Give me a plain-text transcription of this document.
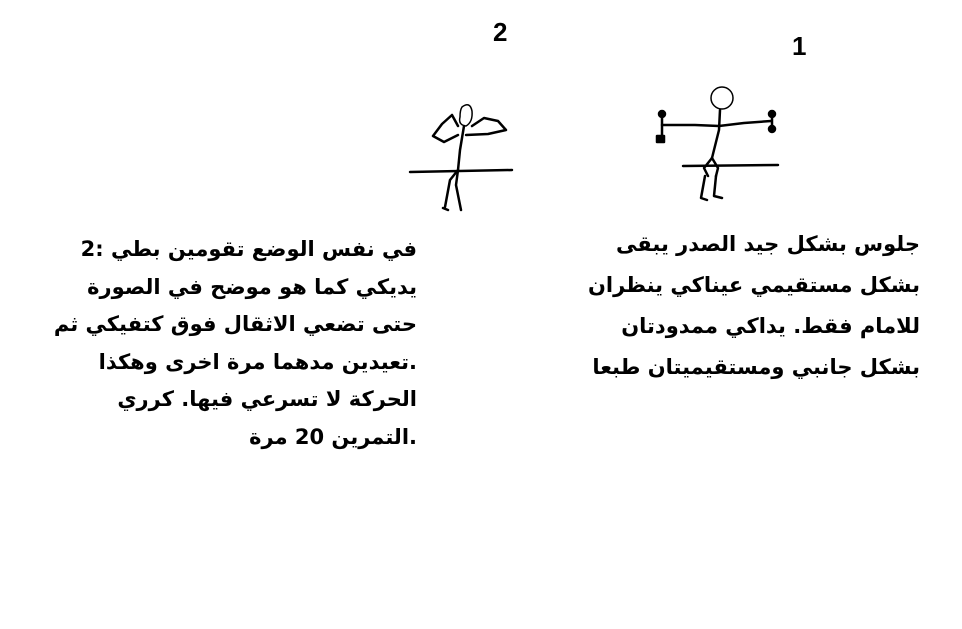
1
2
جلوس بشكل جيد الصدر يبقى
بشكل مستقيمي عيناكي ينظران
للامام فقط. يداكي ممدودتان
بشكل جانبي ومستقيميتان طبعا
في نفس الوضع تقومين بطي :2
يديكي كما هو موضح في الصورة
حتى تضعي الاثقال فوق كتفيكي ثم
.تعيدين مدهما مرة اخرى وهكذا
الحركة لا تسرعي فيها. كرري
.التمرين 20 مرة
